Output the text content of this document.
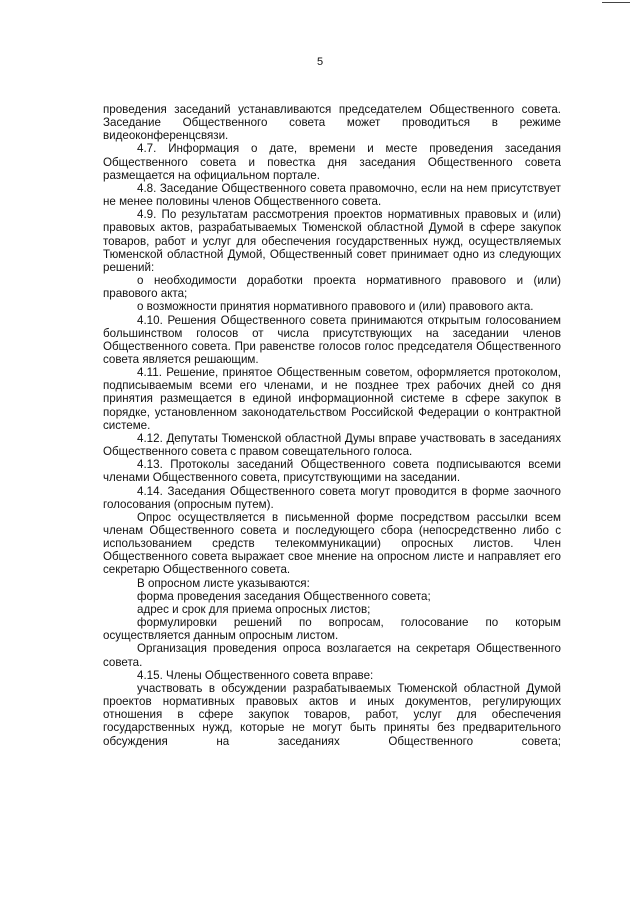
5

проведения заседаний устанавливаются председателем Общественного совета. Заседание Общественного совета может проводиться в режиме видеоконференцсвязи.

4.7. Информация о дате, времени и месте проведения заседания Общественного совета и повестка дня заседания Общественного совета размещается на официальном портале.

4.8. Заседание Общественного совета правомочно, если на нем присутствует не менее половины членов Общественного совета.

4.9. По результатам рассмотрения проектов нормативных правовых и (или) правовых актов, разрабатываемых Тюменской областной Думой в сфере закупок товаров, работ и услуг для обеспечения государственных нужд, осуществляемых Тюменской областной Думой, Общественный совет принимает одно из следующих решений:

о необходимости доработки проекта нормативного правового и (или) правового акта;

о возможности принятия нормативного правового и (или) правового акта.

4.10. Решения Общественного совета принимаются открытым голосованием большинством голосов от числа присутствующих на заседании членов Общественного совета. При равенстве голосов голос председателя Общественного совета является решающим.

4.11. Решение, принятое Общественным советом, оформляется протоколом, подписываемым всеми его членами, и не позднее трех рабочих дней со дня принятия размещается в единой информационной системе в сфере закупок в порядке, установленном законодательством Российской Федерации о контрактной системе.

4.12. Депутаты Тюменской областной Думы вправе участвовать в заседаниях Общественного совета с правом совещательного голоса.

4.13. Протоколы заседаний Общественного совета подписываются всеми членами Общественного совета, присутствующими на заседании.

4.14. Заседания Общественного совета могут проводится в форме заочного голосования (опросным путем).

Опрос осуществляется в письменной форме посредством рассылки всем членам Общественного совета и последующего сбора (непосредственно либо с использованием средств телекоммуникации) опросных листов. Член Общественного совета выражает свое мнение на опросном листе и направляет его секретарю Общественного совета.

В опросном листе указываются:

форма проведения заседания Общественного совета;

адрес и срок для приема опросных листов;

формулировки решений по вопросам, голосование по которым осуществляется данным опросным листом.

Организация проведения опроса возлагается на секретаря Общественного совета.

4.15. Члены Общественного совета вправе:

участвовать в обсуждении разрабатываемых Тюменской областной Думой проектов нормативных правовых актов и иных документов, регулирующих отношения в сфере закупок товаров, работ, услуг для обеспечения государственных нужд, которые не могут быть приняты без предварительного обсуждения на заседаниях Общественного совета;
